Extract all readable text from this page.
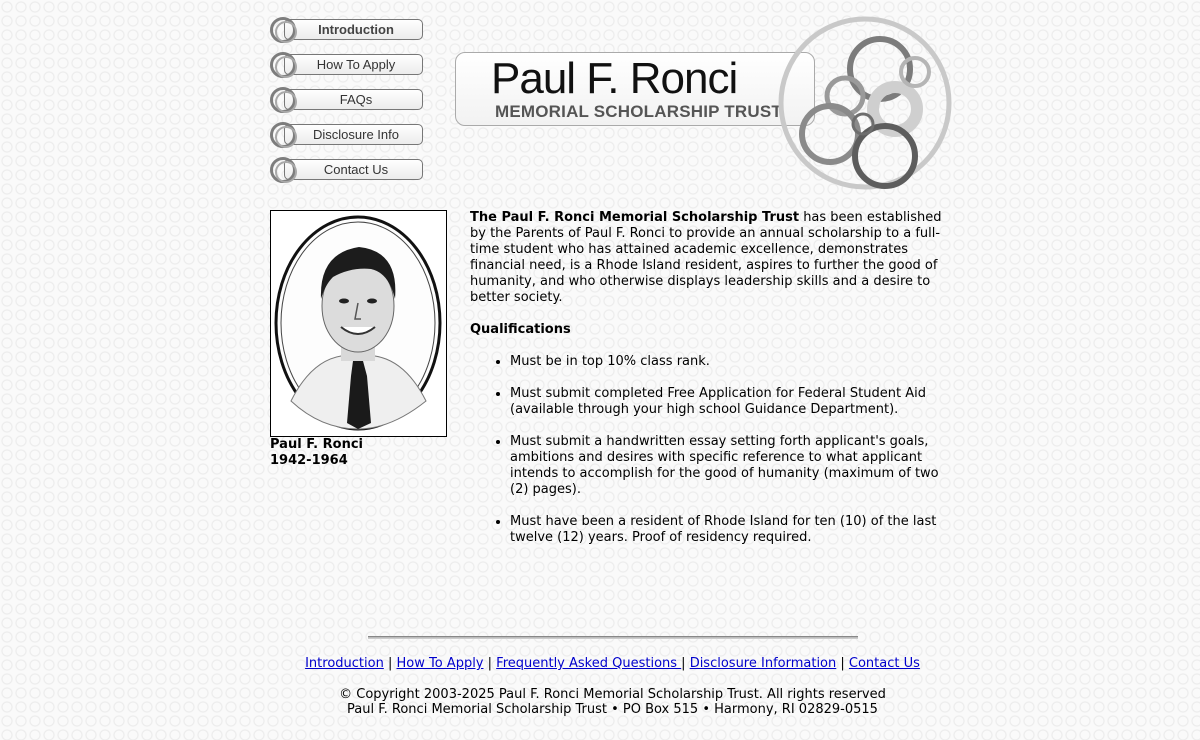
Introduction
How To Apply
FAQs
Disclosure Info
Contact Us
Paul F. Ronci
MEMORIAL SCHOLARSHIP TRUST
Paul F. Ronci
1942-1964

The Paul F. Ronci Memorial Scholarship Trust has been established by the Parents of Paul F. Ronci to provide an annual scholarship to a full-time student who has attained academic excellence, demonstrates financial need, is a Rhode Island resident, aspires to further the good of humanity, and who otherwise displays leadership skills and a desire to better society.

Qualifications
• Must be in top 10% class rank.
• Must submit completed Free Application for Federal Student Aid (available through your high school Guidance Department).
• Must submit a handwritten essay setting forth applicant's goals, ambitions and desires with specific reference to what applicant intends to accomplish for the good of humanity (maximum of two (2) pages).
• Must have been a resident of Rhode Island for ten (10) of the last twelve (12) years. Proof of residency required.
Introduction | How To Apply | Frequently Asked Questions | Disclosure Information | Contact Us
© Copyright 2003-2025 Paul F. Ronci Memorial Scholarship Trust. All rights reserved
Paul F. Ronci Memorial Scholarship Trust • PO Box 515 • Harmony, RI 02829-0515
